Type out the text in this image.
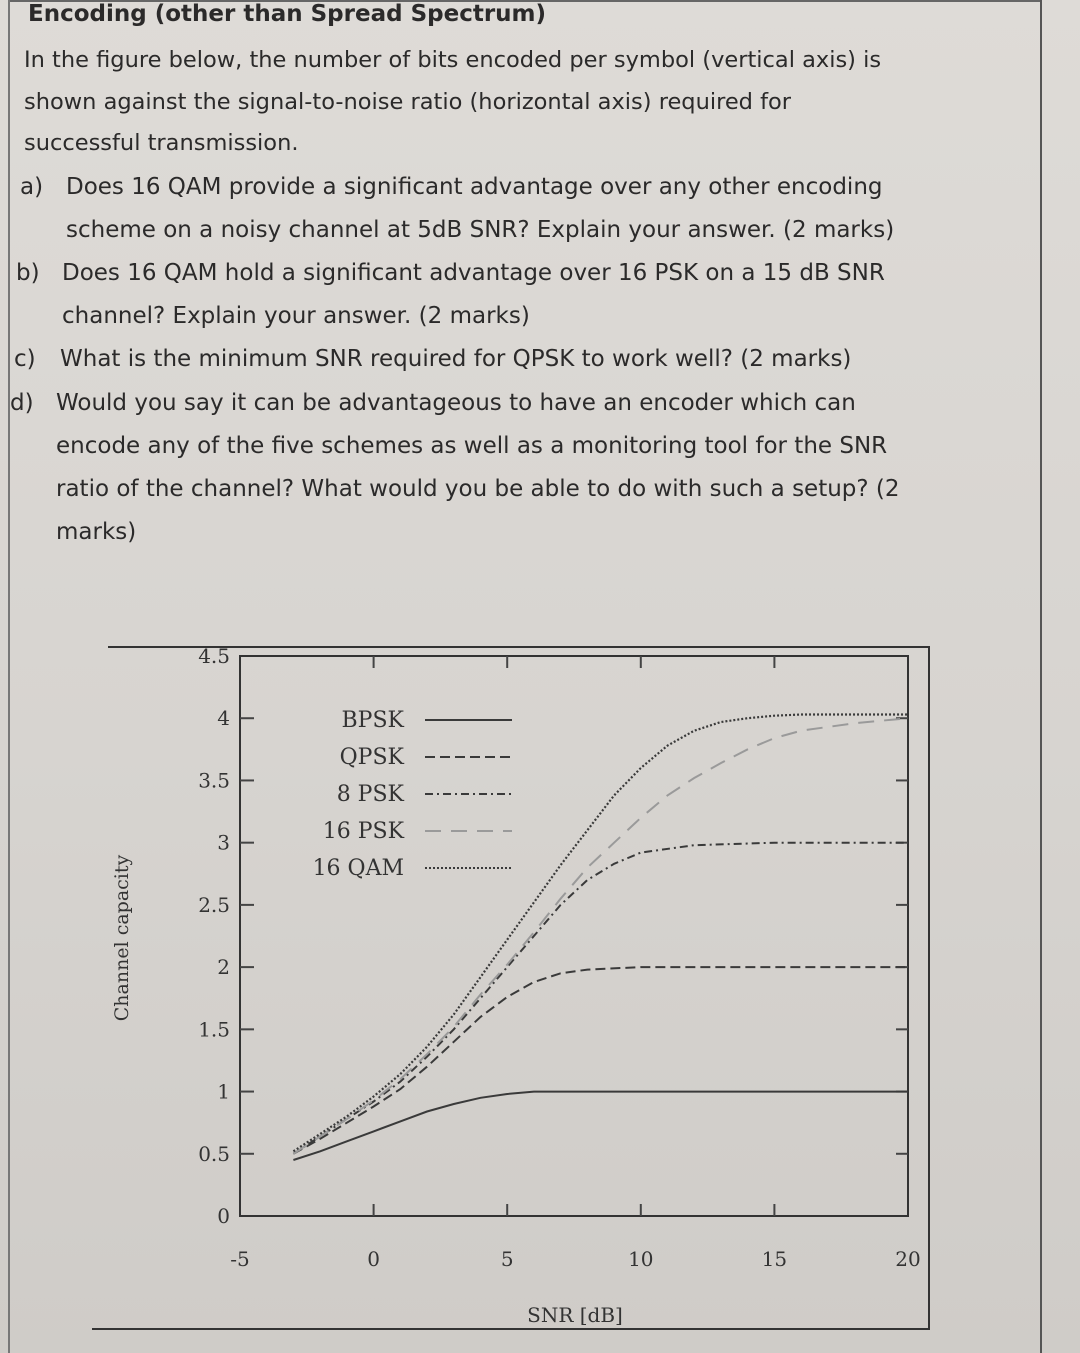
Encoding (other than Spread Spectrum)
In the figure below, the number of bits encoded per symbol (vertical axis) is
shown against the signal-to-noise ratio (horizontal axis) required for
successful transmission.
a) Does 16 QAM provide a significant advantage over any other encoding
scheme on a noisy channel at 5dB SNR? Explain your answer. (2 marks)
b) Does 16 QAM hold a significant advantage over 16 PSK on a 15 dB SNR
channel? Explain your answer. (2 marks)
c) What is the minimum SNR required for QPSK to work well? (2 marks)
d) Would you say it can be advantageous to have an encoder which can
encode any of the five schemes as well as a monitoring tool for the SNR
ratio of the channel? What would you be able to do with such a setup? (2
marks)
-5	0	5	10	15	20
0
0.5
1
1.5
2
2.5
3
3.5
4
4.5
BPSK
QPSK
8 PSK
16 PSK
16 QAM
SNR [dB]
Channel capacity
